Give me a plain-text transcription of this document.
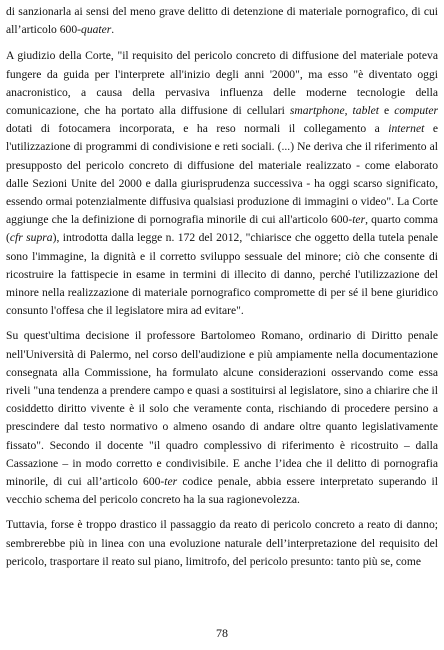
di sanzionarla ai sensi del meno grave delitto di detenzione di materiale pornografico, di cui all’articolo 600-quater.

A giudizio della Corte, "il requisito del pericolo concreto di diffusione del materiale poteva fungere da guida per l'interprete all'inizio degli anni '2000", ma esso "è diventato oggi anacronistico, a causa della pervasiva influenza delle moderne tecnologie della comunicazione, che ha portato alla diffusione di cellulari smartphone, tablet e computer dotati di fotocamera incorporata, e ha reso normali il collegamento a internet e l'utilizzazione di programmi di condivisione e reti sociali. (...) Ne deriva che il riferimento al presupposto del pericolo concreto di diffusione del materiale realizzato - come elaborato dalle Sezioni Unite del 2000 e dalla giurisprudenza successiva - ha oggi scarso significato, essendo ormai potenzialmente diffusiva qualsiasi produzione di immagini o video". La Corte aggiunge che la definizione di pornografia minorile di cui all'articolo 600-ter, quarto comma (cfr supra), introdotta dalla legge n. 172 del 2012, "chiarisce che oggetto della tutela penale sono l'immagine, la dignità e il corretto sviluppo sessuale del minore; ciò che consente di ricostruire la fattispecie in esame in termini di illecito di danno, perché l'utilizzazione del minore nella realizzazione di materiale pornografico compromette di per sé il bene giuridico consunto l'offesa che il legislatore mira ad evitare".

Su quest'ultima decisione il professore Bartolomeo Romano, ordinario di Diritto penale nell'Università di Palermo, nel corso dell'audizione e più ampiamente nella documentazione consegnata alla Commissione, ha formulato alcune considerazioni osservando come essa riveli "una tendenza a prendere campo e quasi a sostituirsi al legislatore, sino a chiarire che il cosiddetto diritto vivente è il solo che veramente conta, rischiando di procedere persino a prescindere dal testo normativo o almeno osando di andare oltre quanto legislativamente fissato". Secondo il docente "il quadro complessivo di riferimento è ricostruito – dalla Cassazione – in modo corretto e condivisibile. E anche l’idea che il delitto di pornografia minorile, di cui all’articolo 600-ter codice penale, abbia essere interpretato superando il vecchio schema del pericolo concreto ha la sua ragionevolezza.

Tuttavia, forse è troppo drastico il passaggio da reato di pericolo concreto a reato di danno; sembrerebbe più in linea con una evoluzione naturale dell’interpretazione del requisito del pericolo, trasportare il reato sul piano, limitrofo, del pericolo presunto: tanto più se, come

78
